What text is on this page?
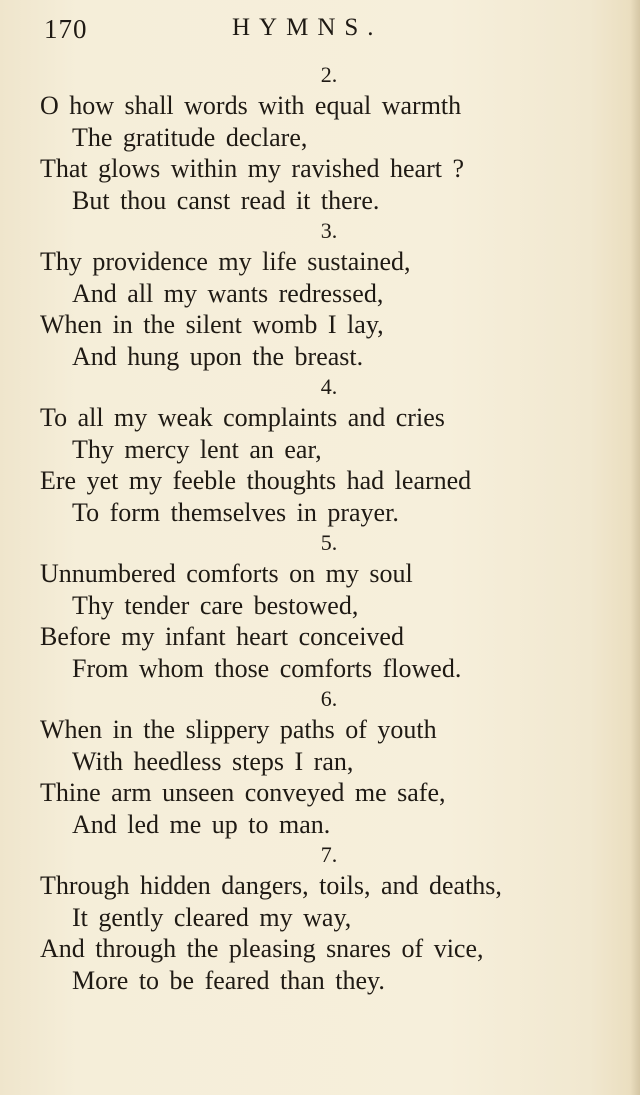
170	HYMNS.
2.
O how shall words with equal warmth
The gratitude declare,
That glows within my ravished heart ?
But thou canst read it there.
3.
Thy providence my life sustained,
And all my wants redressed,
When in the silent womb I lay,
And hung upon the breast.
4.
To all my weak complaints and cries
Thy mercy lent an ear,
Ere yet my feeble thoughts had learned
To form themselves in prayer.
5.
Unnumbered comforts on my soul
Thy tender care bestowed,
Before my infant heart conceived
From whom those comforts flowed.
6.
When in the slippery paths of youth
With heedless steps I ran,
Thine arm unseen conveyed me safe,
And led me up to man.
7.
Through hidden dangers, toils, and deaths,
It gently cleared my way,
And through the pleasing snares of vice,
More to be feared than they.
